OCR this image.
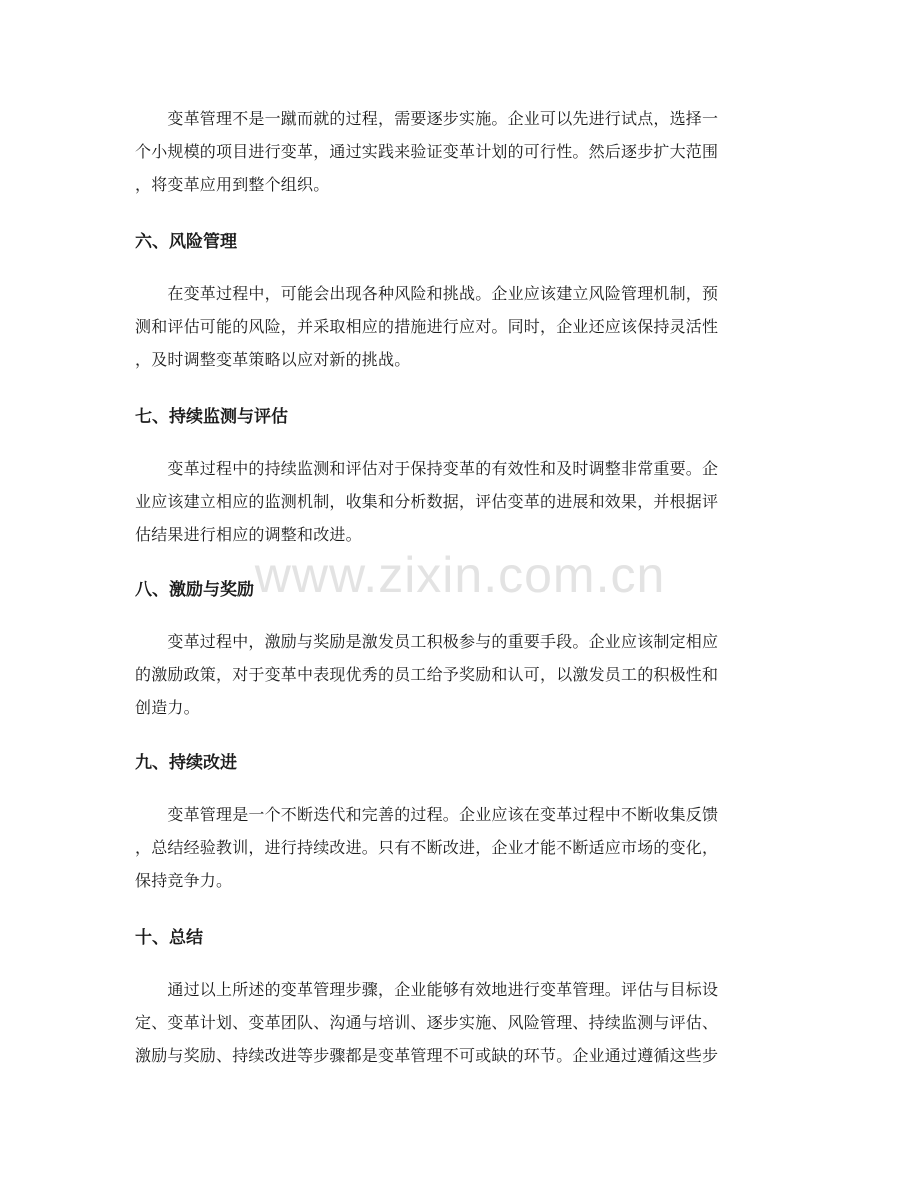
www.zixin.com.cn

　　变革管理不是一蹴而就的过程，需要逐步实施。企业可以先进行试点，选择一
个小规模的项目进行变革，通过实践来验证变革计划的可行性。然后逐步扩大范围
，将变革应用到整个组织。

六、风险管理

　　在变革过程中，可能会出现各种风险和挑战。企业应该建立风险管理机制，预
测和评估可能的风险，并采取相应的措施进行应对。同时，企业还应该保持灵活性
，及时调整变革策略以应对新的挑战。

七、持续监测与评估

　　变革过程中的持续监测和评估对于保持变革的有效性和及时调整非常重要。企
业应该建立相应的监测机制，收集和分析数据，评估变革的进展和效果，并根据评
估结果进行相应的调整和改进。

八、激励与奖励

　　变革过程中，激励与奖励是激发员工积极参与的重要手段。企业应该制定相应
的激励政策，对于变革中表现优秀的员工给予奖励和认可，以激发员工的积极性和
创造力。

九、持续改进

　　变革管理是一个不断迭代和完善的过程。企业应该在变革过程中不断收集反馈
，总结经验教训，进行持续改进。只有不断改进，企业才能不断适应市场的变化，
保持竞争力。

十、总结

　　通过以上所述的变革管理步骤，企业能够有效地进行变革管理。评估与目标设
定、变革计划、变革团队、沟通与培训、逐步实施、风险管理、持续监测与评估、
激励与奖励、持续改进等步骤都是变革管理不可或缺的环节。企业通过遵循这些步
